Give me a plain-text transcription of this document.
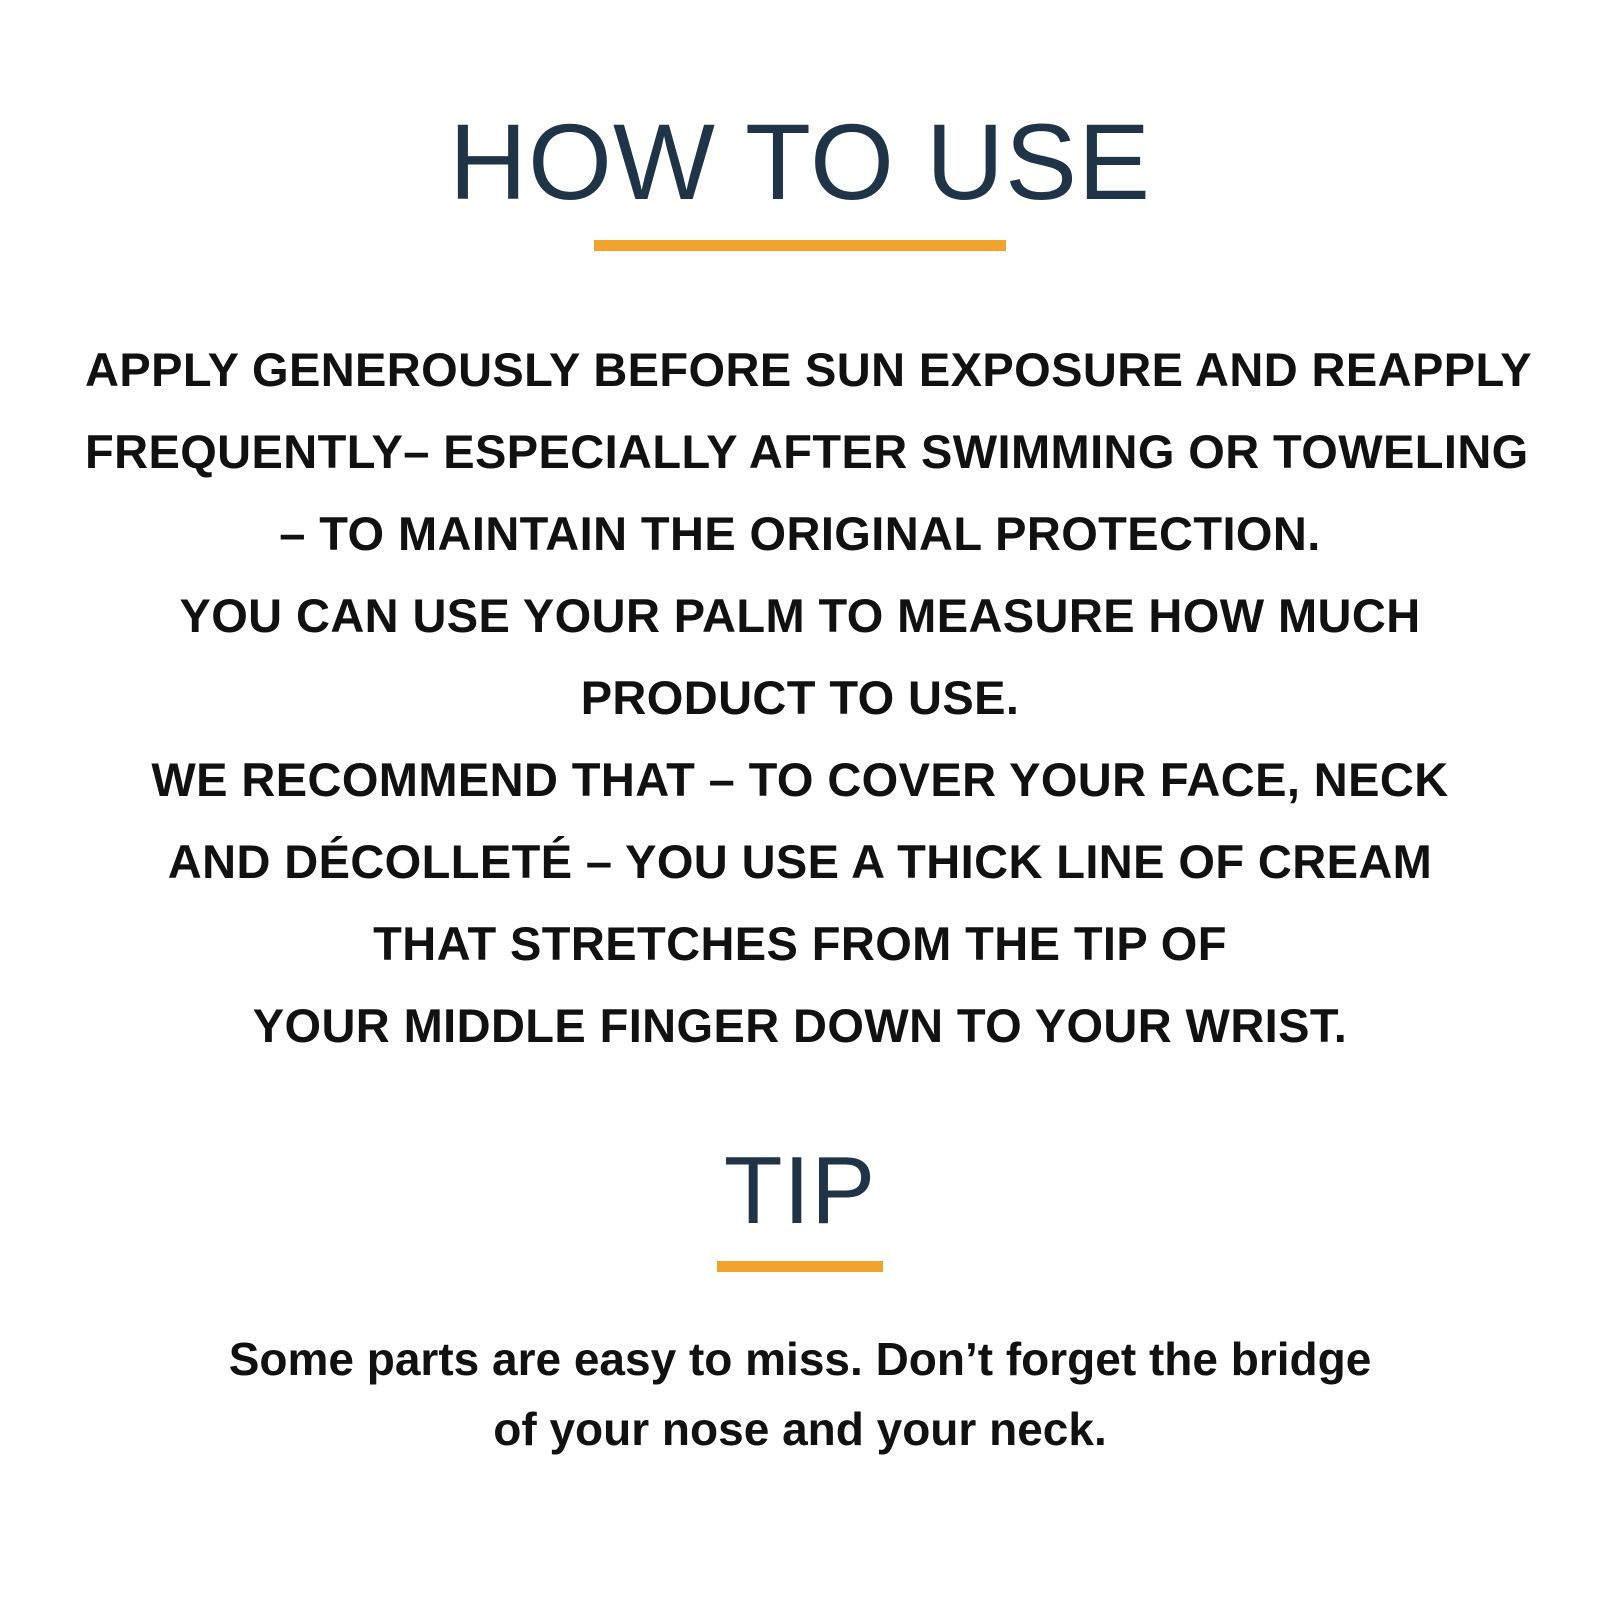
HOW TO USE
APPLY GENEROUSLY BEFORE SUN EXPOSURE AND REAPPLY
FREQUENTLY– ESPECIALLY AFTER SWIMMING OR TOWELING
– TO MAINTAIN THE ORIGINAL PROTECTION.
YOU CAN USE YOUR PALM TO MEASURE HOW MUCH
PRODUCT TO USE.
WE RECOMMEND THAT – TO COVER YOUR FACE, NECK
AND DÉCOLLETÉ – YOU USE A THICK LINE OF CREAM
THAT STRETCHES FROM THE TIP OF
YOUR MIDDLE FINGER DOWN TO YOUR WRIST.
TIP
Some parts are easy to miss. Don’t forget the bridge
of your nose and your neck.
